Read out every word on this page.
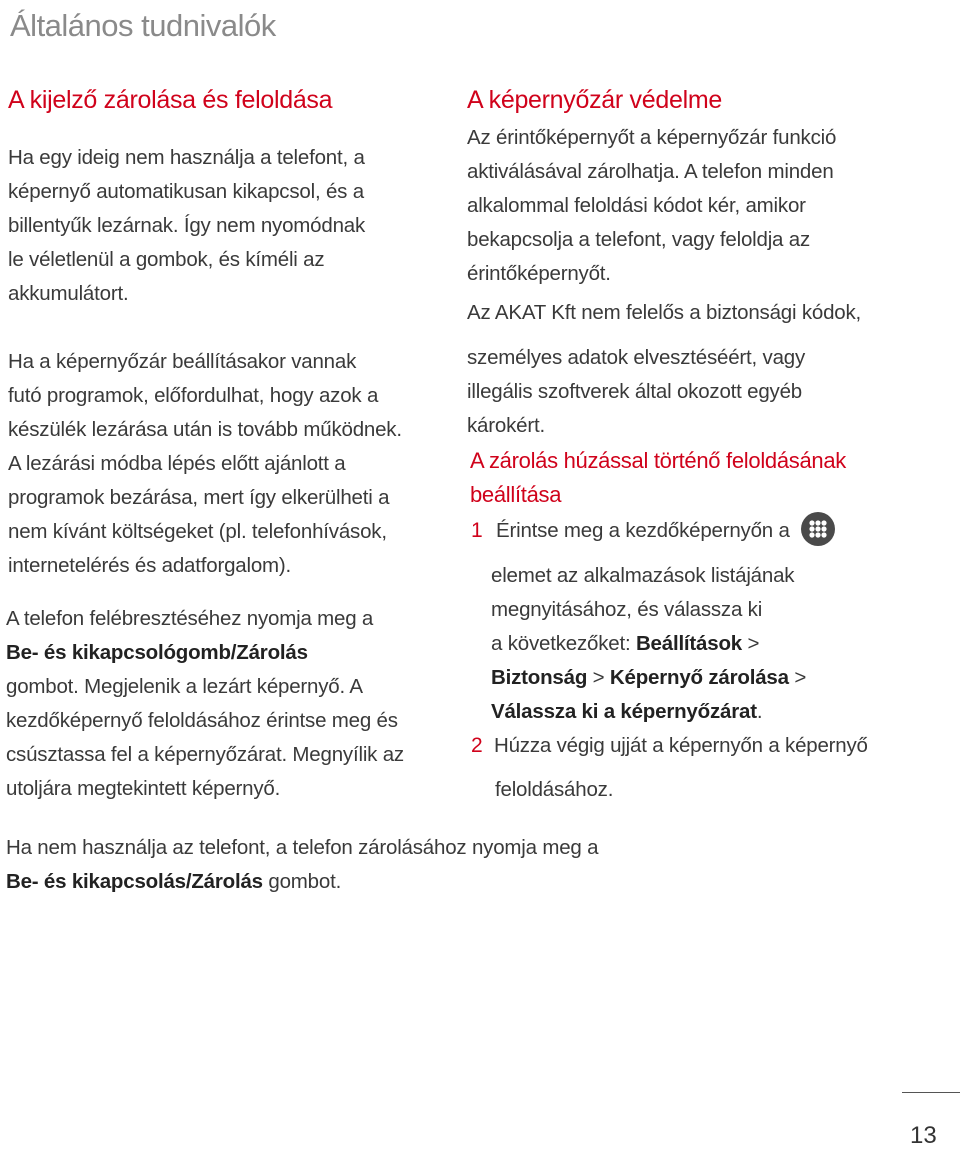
Általános tudnivalók
A kijelző zárolása és feloldása

Ha egy ideig nem használja a telefont, a

képernyő automatikusan kikapcsol, és a

billentyűk lezárnak. Így nem nyomódnak

le véletlenül a gombok, és kíméli az

akkumulátort.

Ha a képernyőzár beállításakor vannak

futó programok, előfordulhat, hogy azok a

készülék lezárása után is tovább működnek.

A lezárási módba lépés előtt ajánlott a

programok bezárása, mert így elkerülheti a

nem kívánt költségeket (pl. telefonhívások,

internetelérés és adatforgalom).

A telefon felébresztéséhez nyomja meg a

Be- és kikapcsológomb/Zárolás

gombot. Megjelenik a lezárt képernyő. A

kezdőképernyő feloldásához érintse meg és

csúsztassa fel a képernyőzárat. Megnyílik az

utoljára megtekintett képernyő.

A képernyőzár védelme

Az érintőképernyőt a képernyőzár funkció

aktiválásával zárolhatja. A telefon minden

alkalommal feloldási kódot kér, amikor

bekapcsolja a telefont, vagy feloldja az

érintőképernyőt.

Az AKAT Kft nem felelős a biztonsági kódok,

személyes adatok elvesztéséért, vagy

illegális szoftverek által okozott egyéb

károkért.

A zárolás húzással történő feloldásának
beállítása
1 Érintse meg a kezdőképernyőn a

elemet az alkalmazások listájának

megnyitásához, és válassza ki

a következőket: Beállítások >

Biztonság > Képernyő zárolása >

Válassza ki a képernyőzárat.

2 Húzza végig ujját a képernyőn a képernyő
feloldásához.

Ha nem használja az telefont, a telefon zárolásához nyomja meg a

Be- és kikapcsolás/Zárolás gombot.

13
